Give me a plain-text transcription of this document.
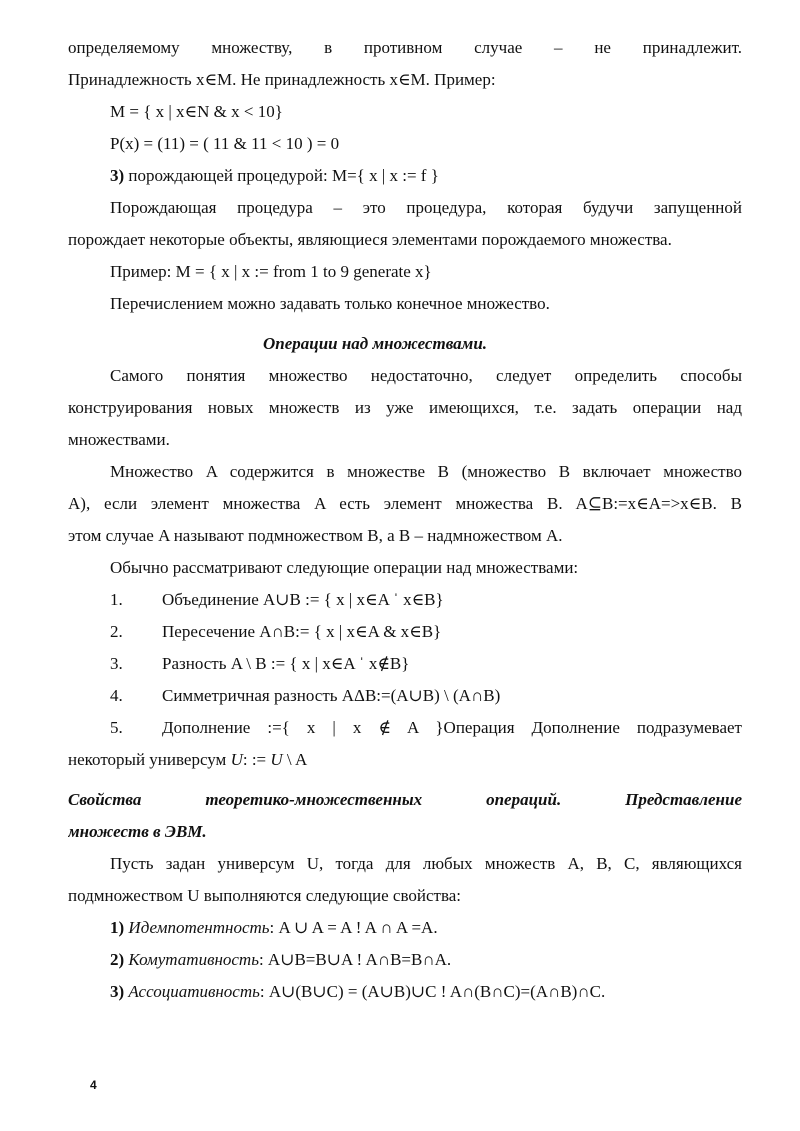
определяемому множеству, в противном случае – не принадлежит.
Принадлежность x∈M. Не принадлежность x∈M. Пример:
M = { x | x∈N & x < 10}
P(x) = (11) = ( 11 & 11 < 10 ) = 0
3) порождающей процедурой: M={ x | x := f }
Порождающая процедура – это процедура, которая будучи запущенной
порождает некоторые объекты, являющиеся элементами порождаемого множества.
Пример: M = { x | x := from 1 to 9 generate x}
Перечислением можно задавать только конечное множество.
Операции над множествами.
Самого понятия множество недостаточно, следует определить способы
конструирования новых множеств из уже имеющихся, т.е. задать операции над
множествами.
Множество A содержится в множестве B (множество B включает множество
A), если элемент множества A есть элемент множества B. A⊆B:=x∈A=>x∈B. В
этом случае A называют подмножеством B, а B – надмножеством A.
Обычно рассматривают следующие операции над множествами:
1. Объединение A∪B := { x | x∈A ˈ x∈B}
2. Пересечение A∩B:= { x | x∈A & x∈B}
3. Разность A \ B := { x | x∈A ˈ x∉B}
4. Симметричная разность AΔB:=(A∪B) \ (A∩B)
5.	Дополнение :={ x | x ∉ A }Операция Дополнение подразумевает
некоторый универсум U: := U \ A
Свойства теоретико-множественных операций. Представление
множеств в ЭВМ.
Пусть задан универсум U, тогда для любых множеств A, B, C, являющихся
подмножеством U выполняются следующие свойства:
1) Идемпотентность: A ∪ A = A ! A ∩ A =A.
2) Комутативность: A∪B=B∪A ! A∩B=B∩A.
3) Ассоциативность: A∪(B∪C) = (A∪B)∪C ! A∩(B∩C)=(A∩B)∩C.
4
